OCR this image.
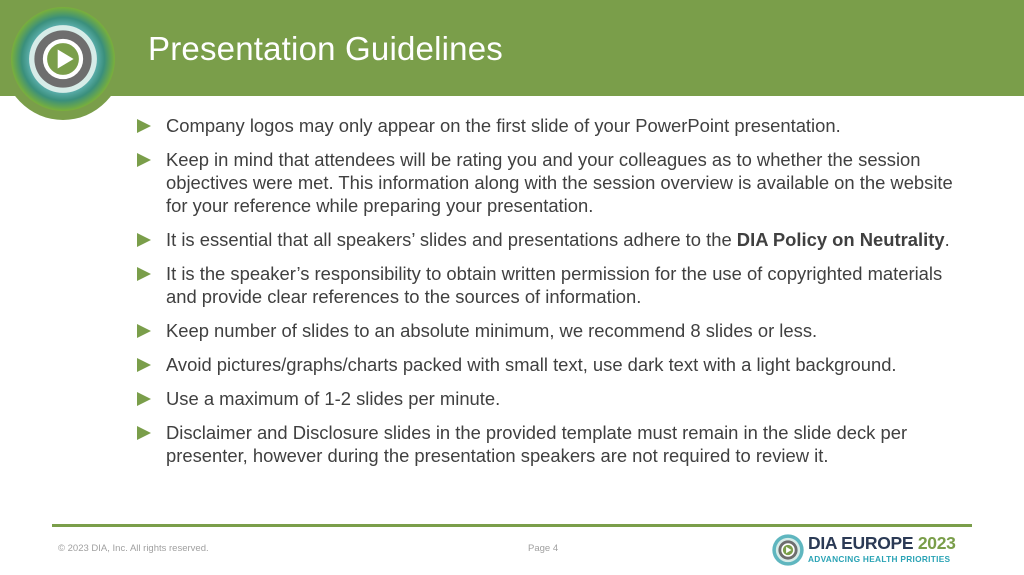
Presentation Guidelines
Company logos may only appear on the first slide of your PowerPoint presentation.
Keep in mind that attendees will be rating you and your colleagues as to whether the session objectives were met. This information along with the session overview is available on the website for your reference while preparing your presentation.
It is essential that all speakers’ slides and presentations adhere to the DIA Policy on Neutrality.
It is the speaker’s responsibility to obtain written permission for the use of copyrighted materials and provide clear references to the sources of information.
Keep number of slides to an absolute minimum, we recommend 8 slides or less.
Avoid pictures/graphs/charts packed with small text, use dark text with a light background.
Use a maximum of 1-2 slides per minute.
Disclaimer and Disclosure slides in the provided template must remain in the slide deck per presenter, however during the presentation speakers are not required to review it.
© 2023 DIA, Inc. All rights reserved.	Page 4	DIA EUROPE 2023
ADVANCING HEALTH PRIORITIES
